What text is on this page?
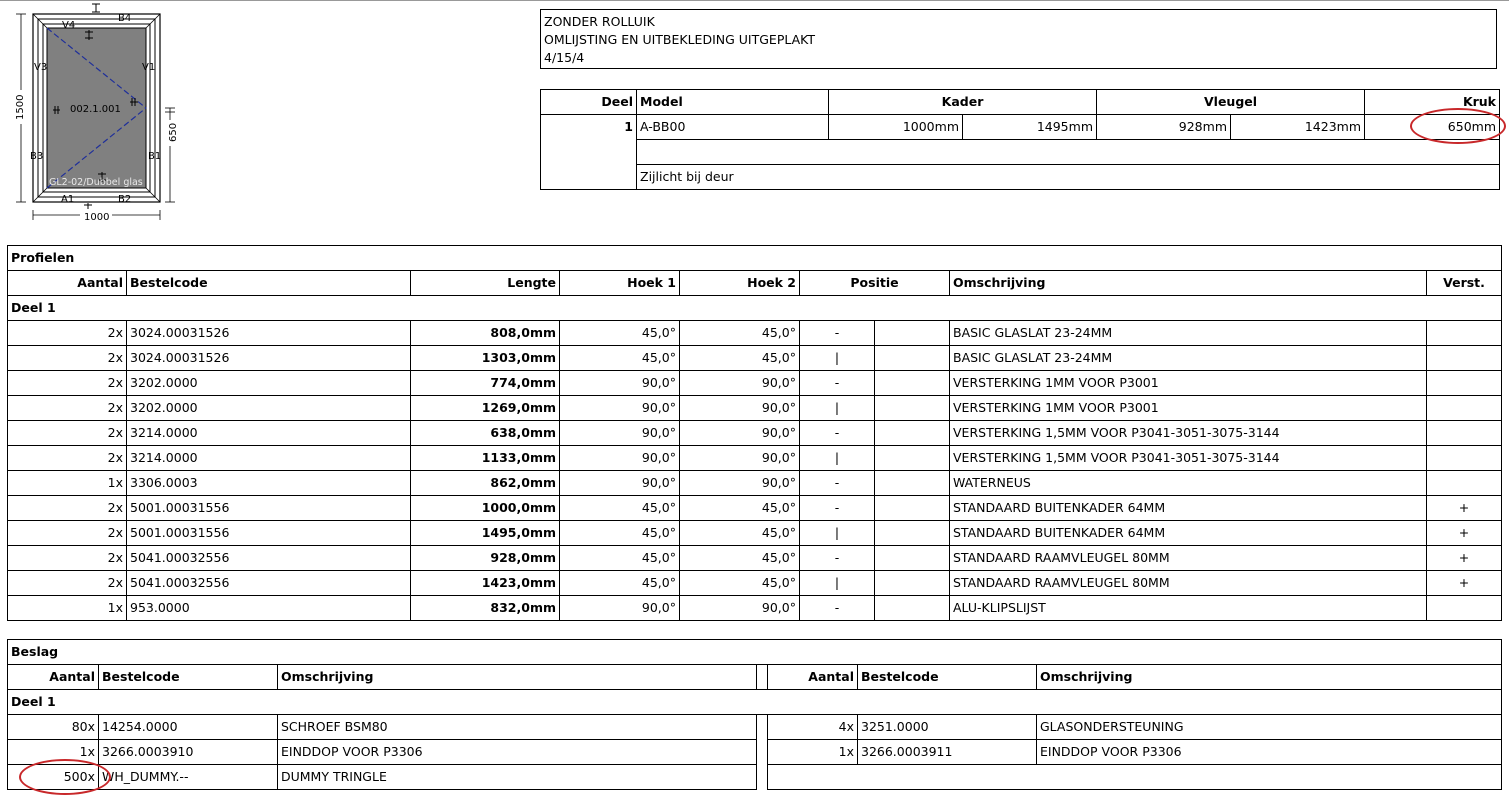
V4
B4
V3	V1
B3	B1
B2
A1
002.1.001
GL2-02/Dubbel glas
1000
1500
650
ZONDER ROLLUIK
OMLIJSTING EN UITBEKLEDING UITGEPLAKT
4/15/4
Deel	Model	Kader		Vleugel		Kruk
1	A-BB00	1000mm	1495mm	928mm	1423mm	650mm

	Zijlicht bij deur					
Profielen								
Aantal	Bestelcode	Lengte	Hoek 1	Hoek 2	Positie		Omschrijving	Verst.
Deel 1								
2x	3024.00031526	808,0mm	45,0°	45,0°	-		BASIC GLASLAT 23-24MM	
2x	3024.00031526	1303,0mm	45,0°	45,0°	|		BASIC GLASLAT 23-24MM	
2x	3202.0000	774,0mm	90,0°	90,0°	-		VERSTERKING 1MM VOOR P3001	
2x	3202.0000	1269,0mm	90,0°	90,0°	|		VERSTERKING 1MM VOOR P3001	
2x	3214.0000	638,0mm	90,0°	90,0°	-		VERSTERKING 1,5MM VOOR P3041-3051-3075-3144	
2x	3214.0000	1133,0mm	90,0°	90,0°	|		VERSTERKING 1,5MM VOOR P3041-3051-3075-3144	
1x	3306.0003	862,0mm	90,0°	90,0°	-		WATERNEUS	
2x	5001.00031556	1000,0mm	45,0°	45,0°	-		STANDAARD BUITENKADER 64MM	+
2x	5001.00031556	1495,0mm	45,0°	45,0°	|		STANDAARD BUITENKADER 64MM	+
2x	5041.00032556	928,0mm	45,0°	45,0°	-		STANDAARD RAAMVLEUGEL 80MM	+
2x	5041.00032556	1423,0mm	45,0°	45,0°	|		STANDAARD RAAMVLEUGEL 80MM	+
1x	953.0000	832,0mm	90,0°	90,0°	-		ALU-KLIPSLIJST	
Beslag						
Aantal	Bestelcode	Omschrijving		Aantal	Bestelcode	Omschrijving
Deel 1						
80x	14254.0000	SCHROEF BSM80		4x	3251.0000	GLASONDERSTEUNING
1x	3266.0003910	EINDDOP VOOR P3306		1x	3266.0003911	EINDDOP VOOR P3306
500x	WH_DUMMY.--	DUMMY TRINGLE				
